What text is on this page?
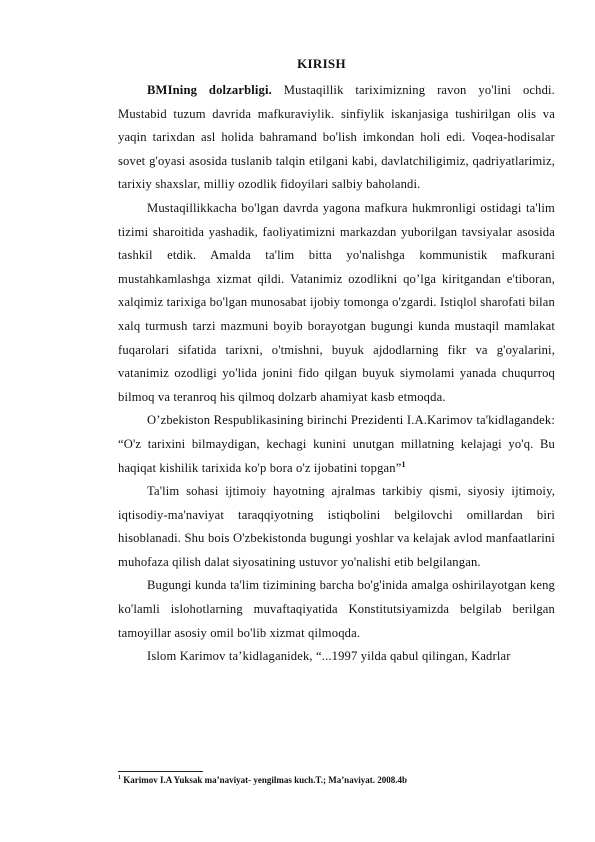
KIRISH

BMIning dolzarbligi. Mustaqillik tariximizning ravon yo'lini ochdi. Mustabid tuzum davrida mafkuraviylik. sinfiylik iskanjasiga tushirilgan olis va yaqin tarixdan asl holida bahramand bo'lish imkondan holi edi. Voqea-hodisalar sovet g'oyasi asosida tuslanib talqin etilgani kabi, davlatchiligimiz, qadriyatlarimiz, tarixiy shaxslar, milliy ozodlik fidoyilari salbiy baholandi.

Mustaqillikkacha bo'lgan davrda yagona mafkura hukmronligi ostidagi ta'lim tizimi sharoitida yashadik, faoliyatimizni markazdan yuborilgan tavsiyalar asosida tashkil etdik. Amalda ta'lim bitta yo'nalishga kommunistik mafkurani mustahkamlashga xizmat qildi. Vatanimiz ozodlikni qo’lga kiritgandan e'tiboran, xalqimiz tarixiga bo'lgan munosabat ijobiy tomonga o'zgardi. Istiqlol sharofati bilan xalq turmush tarzi mazmuni boyib borayotgan bugungi kunda mustaqil mamlakat fuqarolari sifatida tarixni, o'tmishni, buyuk ajdodlarning fikr va g'oyalarini, vatanimiz ozodligi yo'lida jonini fido qilgan buyuk siymolami yanada chuqurroq bilmoq va teranroq his qilmoq dolzarb ahamiyat kasb etmoqda.

O’zbekiston Respublikasining birinchi Prezidenti I.A.Karimov ta'kidlagandek: “O'z tarixini bilmaydigan, kechagi kunini unutgan millatning kelajagi yo'q. Bu haqiqat kishilik tarixida ko'p bora o'z ijobatini topgan”$^1$

Ta'lim sohasi ijtimoiy hayotning ajralmas tarkibiy qismi, siyosiy ijtimoiy, iqtisodiy-ma'naviyat taraqqiyotning istiqbolini belgilovchi omillardan biri hisoblanadi. Shu bois O'zbekistonda bugungi yoshlar va kelajak avlod manfaatlarini muhofaza qilish dalat siyosatining ustuvor yo'nalishi etib belgilangan.

Bugungi kunda ta'lim tizimining barcha bo'g'inida amalga oshirilayotgan keng ko'lamli islohotlarning muvaftaqiyatida Konstitutsiyamizda belgilab berilgan tamoyillar asosiy omil bo'lib xizmat qilmoqda.

Islom Karimov ta’kidlaganidek, “...1997 yilda qabul qilingan, Kadrlar

$^1$ Karimov I.A Yuksak ma’naviyat- yengilmas kuch.T.; Ma’naviyat. 2008.4b
